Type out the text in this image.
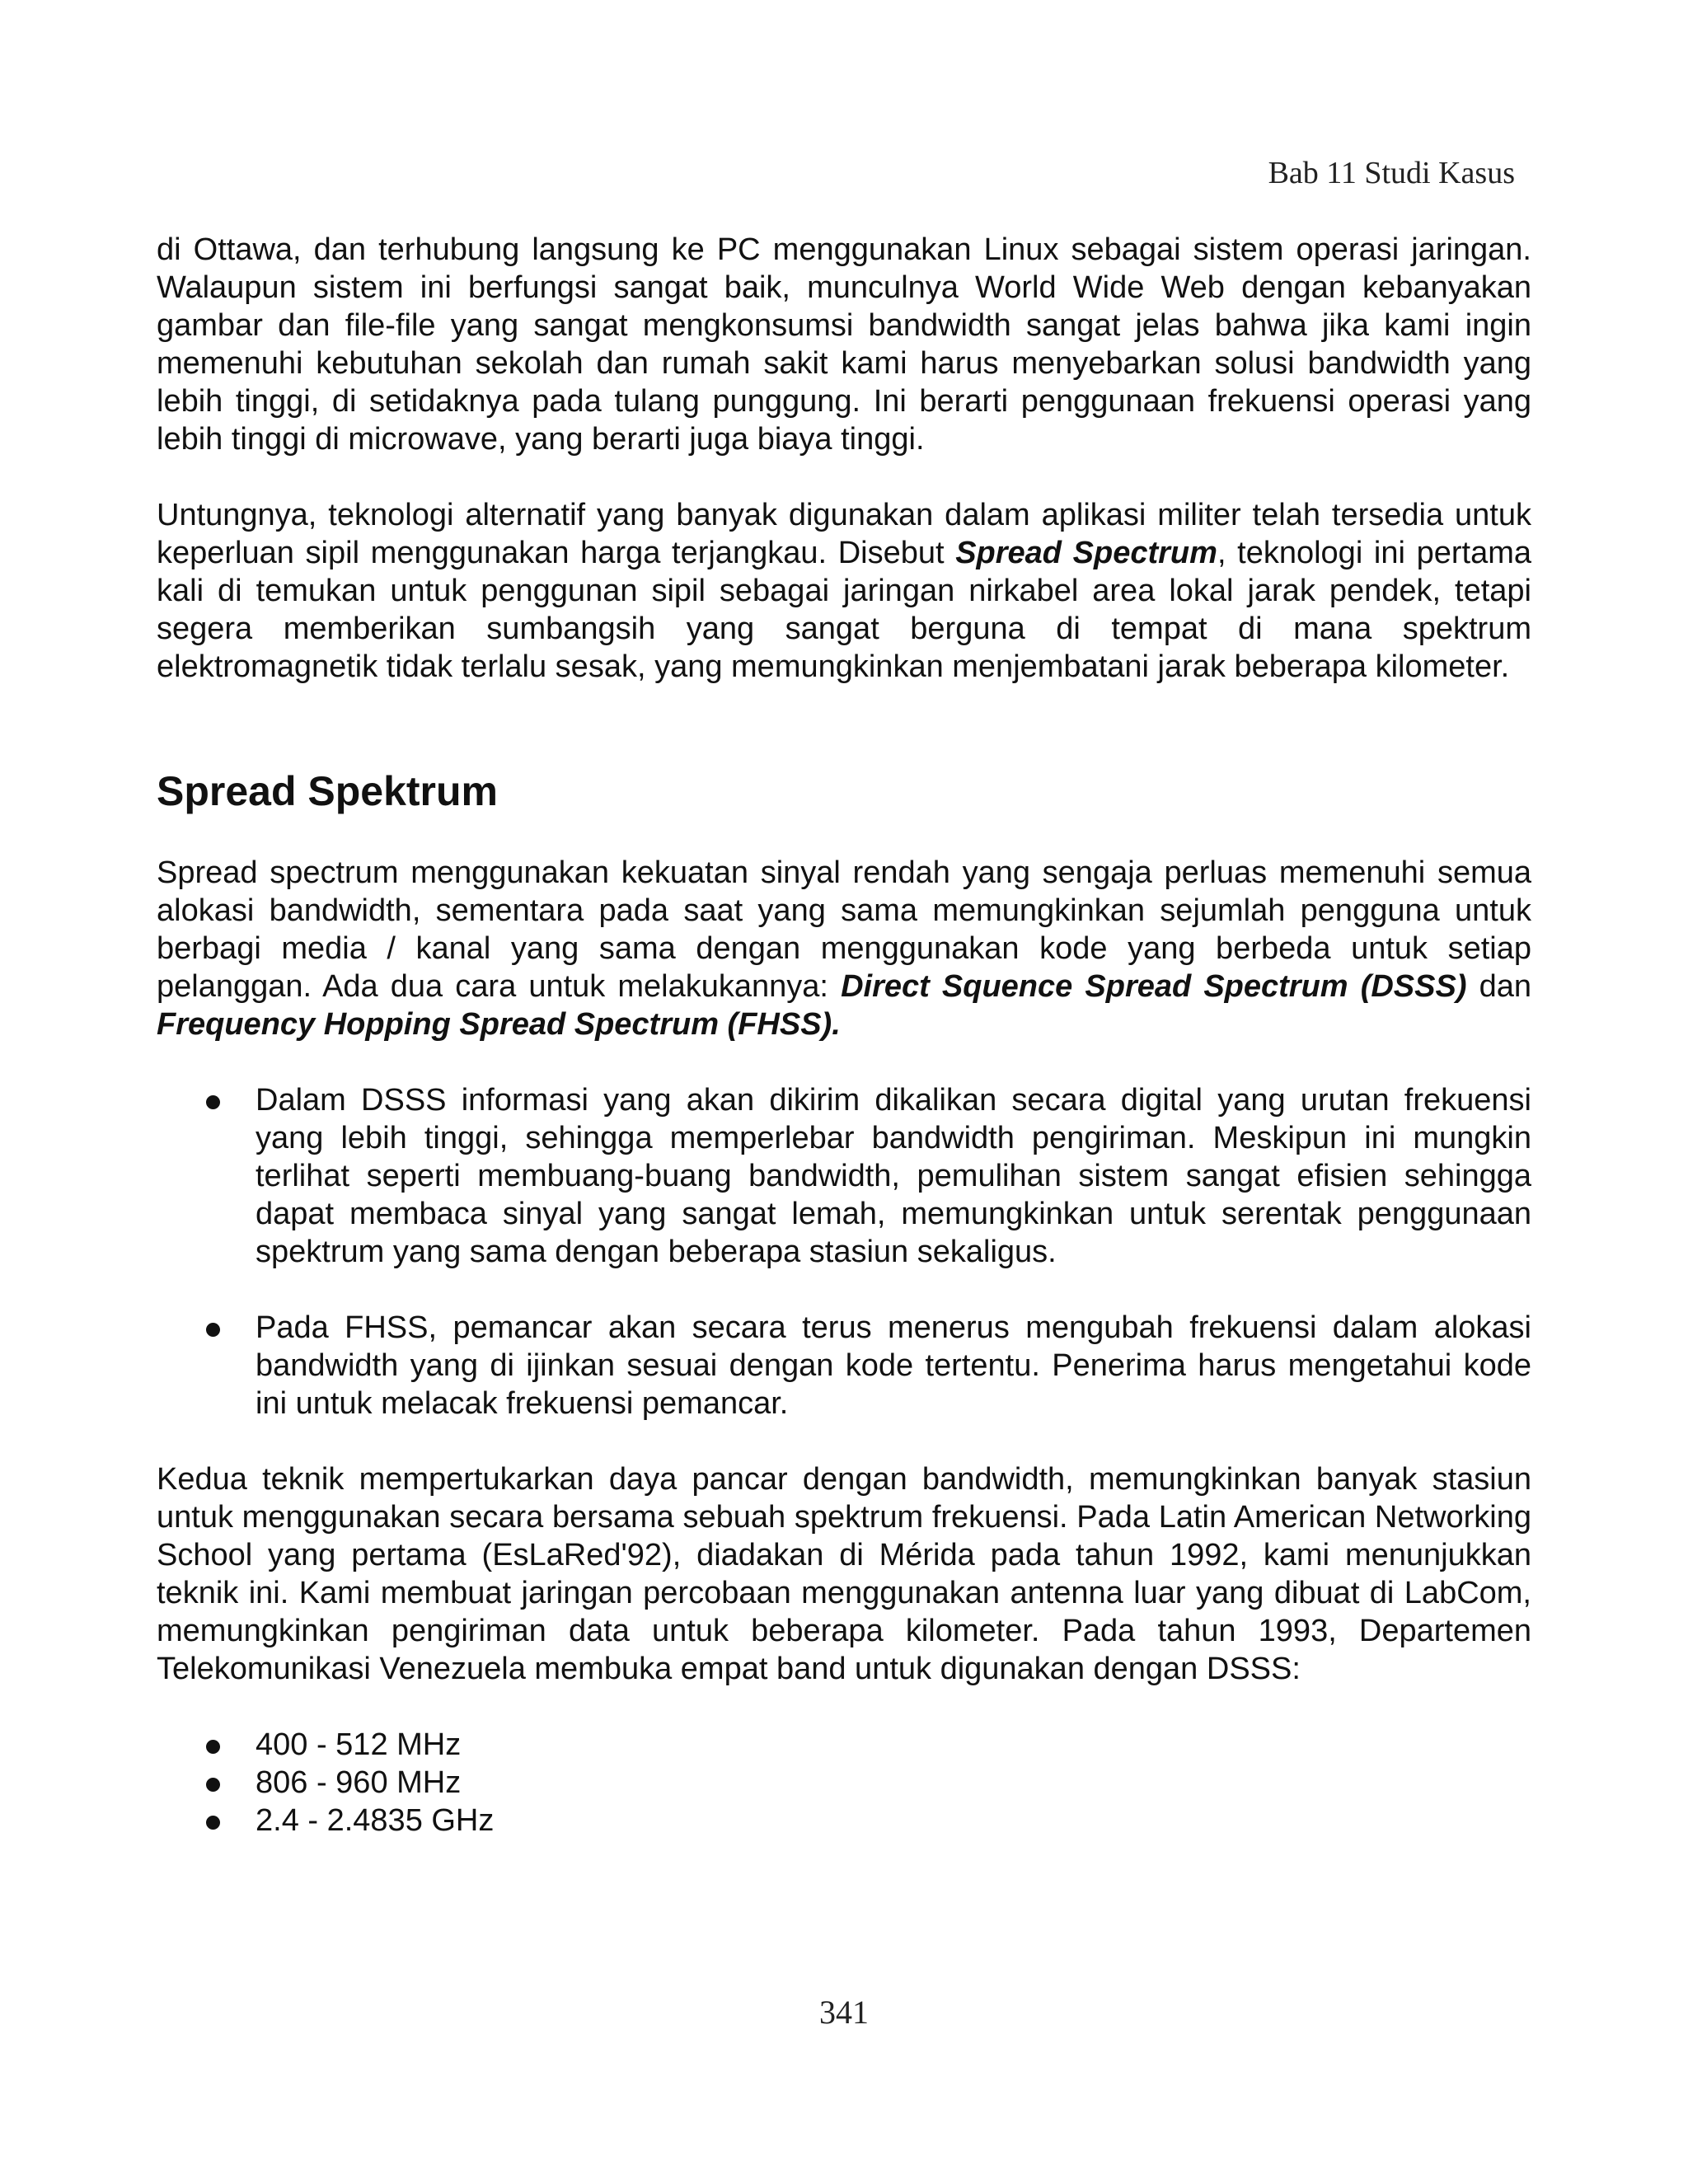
Bab 11 Studi Kasus

di Ottawa, dan terhubung langsung ke PC menggunakan Linux sebagai sistem operasi jaringan. Walaupun sistem ini berfungsi sangat baik, munculnya World Wide Web dengan kebanyakan gambar dan file-file yang sangat mengkonsumsi bandwidth sangat jelas bahwa jika kami ingin memenuhi kebutuhan sekolah dan rumah sakit kami harus menyebarkan solusi bandwidth yang lebih tinggi, di setidaknya pada tulang punggung. Ini berarti penggunaan frekuensi operasi yang lebih tinggi di microwave, yang berarti juga biaya tinggi.

Untungnya, teknologi alternatif yang banyak digunakan dalam aplikasi militer telah tersedia untuk keperluan sipil menggunakan harga terjangkau. Disebut Spread Spectrum, teknologi ini pertama kali di temukan untuk penggunan sipil sebagai jaringan nirkabel area lokal jarak pendek, tetapi segera memberikan sumbangsih yang sangat berguna di tempat di mana spektrum elektromagnetik tidak terlalu sesak, yang memungkinkan menjembatani jarak beberapa kilometer.

Spread Spektrum

Spread spectrum menggunakan kekuatan sinyal rendah yang sengaja perluas memenuhi semua alokasi bandwidth, sementara pada saat yang sama memungkinkan sejumlah pengguna untuk berbagi media / kanal yang sama dengan menggunakan kode yang berbeda untuk setiap pelanggan. Ada dua cara untuk melakukannya: Direct Squence Spread Spectrum (DSSS) dan Frequency Hopping Spread Spectrum (FHSS).

Dalam DSSS informasi yang akan dikirim dikalikan secara digital yang urutan frekuensi yang lebih tinggi, sehingga memperlebar bandwidth pengiriman. Meskipun ini mungkin terlihat seperti membuang-buang bandwidth, pemulihan sistem sangat efisien sehingga dapat membaca sinyal yang sangat lemah, memungkinkan untuk serentak penggunaan spektrum yang sama dengan beberapa stasiun sekaligus.
Pada FHSS, pemancar akan secara terus menerus mengubah frekuensi dalam alokasi bandwidth yang di ijinkan sesuai dengan kode tertentu. Penerima harus mengetahui kode ini untuk melacak frekuensi pemancar.

Kedua teknik mempertukarkan daya pancar dengan bandwidth, memungkinkan banyak stasiun untuk menggunakan secara bersama sebuah spektrum frekuensi. Pada Latin American Networking School yang pertama (EsLaRed'92), diadakan di Mérida pada tahun 1992, kami menunjukkan teknik ini. Kami membuat jaringan percobaan menggunakan antenna luar yang dibuat di LabCom, memungkinkan pengiriman data untuk beberapa kilometer. Pada tahun 1993, Departemen Telekomunikasi Venezuela membuka empat band untuk digunakan dengan DSSS:

400 - 512 MHz
806 - 960 MHz
2.4 - 2.4835 GHz
341
